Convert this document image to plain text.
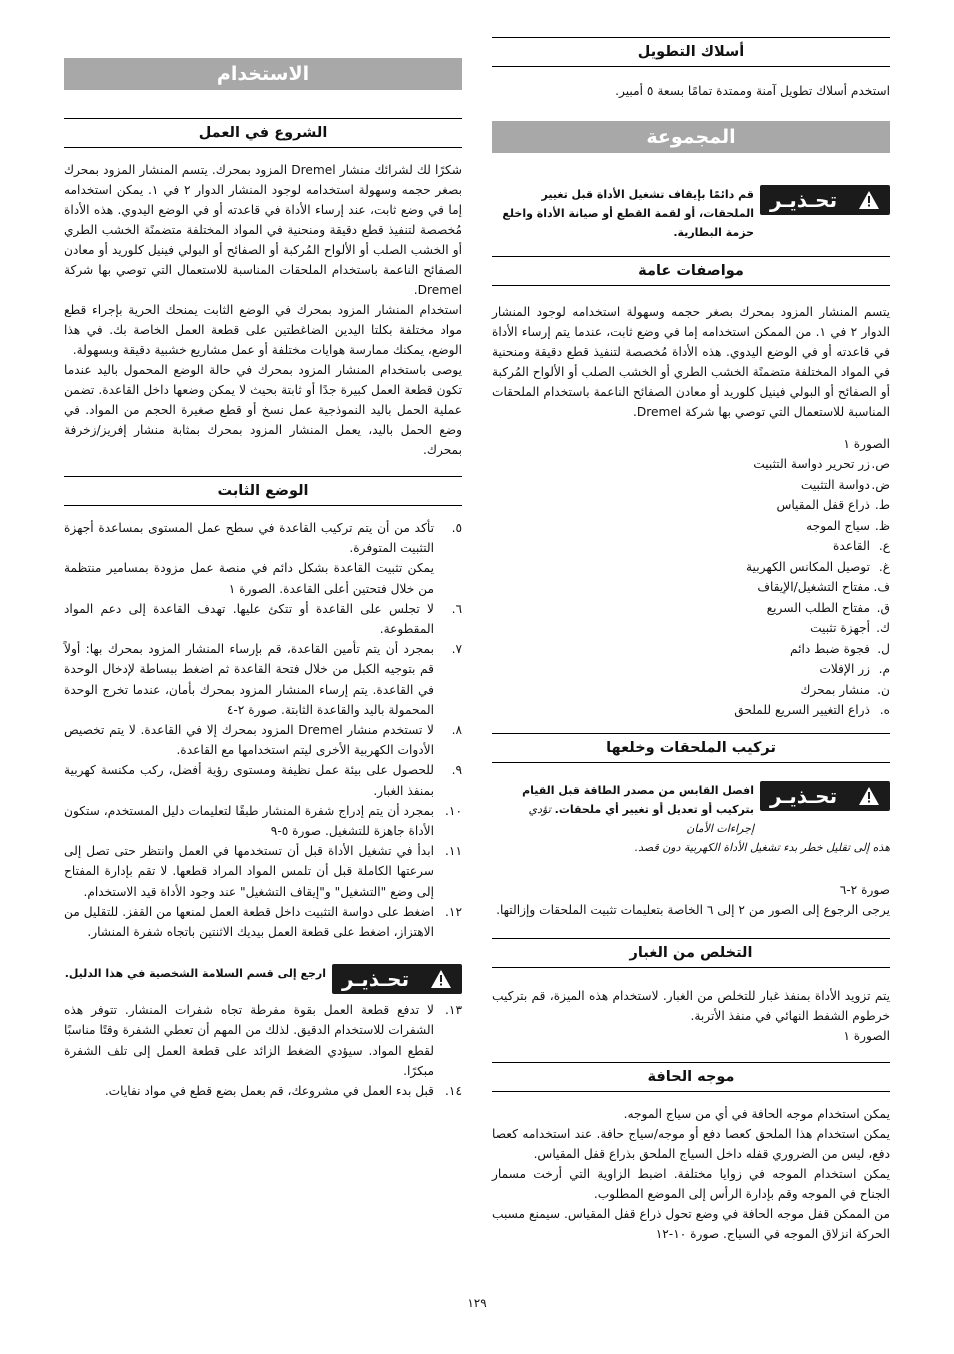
أسلاك التطويل

استخدم أسلاك تطويل آمنة وممتدة تمامًا بسعة ٥ أمبير.

المجموعة
تحـذيـر
قم دائمًا بإيقاف تشغيل الأداة قبل تغيير الملحقات، أو لقمة القطع أو صيانة الأداة واخلع حزمة البطارية.
مواصفات عامة

يتسم المنشار المزود بمحرك بصغر حجمه وسهولة استخدامه لوجود المنشار الدوار ٢ في ١. من الممكن استخدامه إما في وضع ثابت، عندما يتم إرساء الأداة في قاعدته أو في الوضع اليدوي. هذه الأداة مُخصصة لتنفيذ قطع دقيقة ومنحنية في المواد المختلفة متضمنًة الخشب الطري أو الخشب الصلب أو الألواح المُركبة أو الصفائح أو البولي فينيل كلوريد أو معادن الصفائح الناعمة باستخدام الملحقات المناسبة للاستعمال التي توصي بها شركة Dremel.

الصورة ١

ص.
زر تحرير دواسة التثبيت
ض.
دواسة التثبيت
ط.
ذراع قفل المقياس
ظ.
سياج الموجه
ع.
القاعدة
غ.
توصيل المكانس الكهربية
ف.
مفتاح التشغيل/الإيقاف
ق.
مفتاح الطلب السريع
ك.
أجهزة تثبيت
ل.
فجوة ضبط دائم
م.
زر الإفلات
ن.
منشار بمحرك
ه.
ذراع التغيير السريع للملحق
تركيب الملحقات وخلعها
تحـذيـر
افصل القابس من مصدر الطاقة قبل القيام بتركيب أو تعديل أو تغيير أي ملحقات. تؤدي إجراءات الأمان

هذه إلى تقليل خطر بدء تشغيل الأداة الكهربية دون قصد.

صورة ٢-٦

يرجى الرجوع إلى الصور من ٢ إلى ٦ الخاصة بتعليمات تثبيت الملحقات وإزالتها.

التخلص من الغبار

يتم تزويد الأداة بمنفذ غبار للتخلص من الغبار. لاستخدام هذه الميزة، قم بتركيب خرطوم الشفط النهائي في منفذ الأتربة.

الصورة ١

موجه الحافة

يمكن استخدام موجه الحافة في أي من سياج الموجه.

يمكن استخدام هذا الملحق كعصا دفع أو موجه/سياج حافة. عند استخدامه كعصا دفع، ليس من الضروري قفله داخل السياج الملحق بذراع قفل المقياس.

يمكن استخدام الموجه في زوايا مختلفة. اضبط الزاوية التي أرخت مسمار الجناح في الموجه وقم بإدارة الرأس إلى الموضع المطلوب.

من الممكن قفل موجه الحافة في وضع تحول ذراع قفل المقياس. سيمنع مسبب الحركة انزلاق الموجه في السياج. صورة ١٠-١٢

الاستخدام
الشروع في العمل

شكرًا لك لشرائك منشار Dremel المزود بمحرك. يتسم المنشار المزود بمحرك بصغر حجمه وسهولة استخدامه لوجود المنشار الدوار ٢ في ١. يمكن استخدامه إما في وضع ثابت، عند إرساء الأداة في قاعدته أو في الوضع اليدوي. هذه الأداة مُخصصة لتنفيذ قطع دقيقة ومنحنية في المواد المختلفة متضمنًة الخشب الطري أو الخشب الصلب أو الألواح المُركبة أو الصفائح أو البولي فينيل كلوريد أو معادن الصفائح الناعمة باستخدام الملحقات المناسبة للاستعمال التي توصي بها شركة Dremel.

استخدام المنشار المزود بمحرك في الوضع الثابت يمنحك الحرية بإجراء قطع مواد مختلفة بكلتا اليدين الضاغطتين على قطعة العمل الخاصة بك. في هذا الوضع، يمكنك ممارسة هوايات مختلفة أو عمل مشاريع خشبية دقيقة وبسهولة.

يوصى باستخدام المنشار المزود بمحرك في حالة الوضع المحمول باليد عندما تكون قطعة العمل كبيرة جدًا أو ثابتة بحيث لا يمكن وضعها داخل القاعدة. تضمن عملية الحمل باليد النموذجية عمل نسخ أو قطع صغيرة الحجم من المواد. في وضع الحمل باليد، يعمل المنشار المزود بمحرك بمثابة منشار إفريز/زخرفة بمحرك.

الوضع الثابت
٥.
تأكد من أن يتم تركيب القاعدة في سطح عمل المستوى بمساعدة أجهزة التثبيت المتوفرة.
يمكن تثبيت القاعدة بشكل دائم في منصة عمل مزودة بمسامير منتظمة من خلال فتحتين أعلى القاعدة. الصورة ١
٦.
لا تجلس على القاعدة أو تتكئ عليها. تهدف القاعدة إلى دعم المواد المقطوعة.
٧.
بمجرد أن يتم تأمين القاعدة، قم بإرساء المنشار المزود بمحرك بها: أولاً قم بتوجيه الكبل من خلال فتحة القاعدة ثم اضغط ببساطة لإدخال الوحدة في القاعدة. يتم إرساء المنشار المزود بمحرك بأمان، عندما تخرج الوحدة المحمولة باليد والقاعدة الثابتة. صورة ٢-٤
٨.
لا تستخدم منشار Dremel المزود بمحرك إلا في القاعدة. لا يتم تخصيص الأدوات الكهربية الأخرى ليتم استخدامها مع القاعدة.
٩.
للحصول على بيئة عمل نظيفة ومستوى رؤية أفضل، ركب مكنسة كهربية بمنفذ الغبار.
١٠.
بمجرد أن يتم إدراج شفرة المنشار طبقًا لتعليمات دليل المستخدم، ستكون الأداة جاهزة للتشغيل. صورة ٥-٩
١١.
ابدأ في تشغيل الأداة قبل أن تستخدمها في العمل وانتظر حتى تصل إلى سرعتها الكاملة قبل أن تلمس المواد المراد قطعها. لا تقم بإدارة المفتاح إلى وضع "التشغيل" و"إيقاف التشغيل" عند وجود الأداة قيد الاستخدام.
١٢.
اضغط على دواسة التثبيت داخل قطعة العمل لمنعها من القفز. للتقليل من الاهتزاز، اضغط على قطعة العمل بيديك الاثنتين باتجاه شفرة المنشار.
تحـذيـر
ارجع إلى قسم السلامة الشخصية في هذا الدليل.
١٣.
لا تدفع قطعة العمل بقوة مفرطة تجاه شفرات المنشار. تتوفر هذه الشفرات للاستخدام الدقيق. لذلك من المهم أن تعطي الشفرة وقتًا مناسبًا لقطع المواد. سيؤدي الضغط الزائد على قطعة العمل إلى تلف الشفرة مبكرًا.
١٤.
قبل بدء العمل في مشروعك، قم بعمل بضع قطع في مواد نفايات.
١٢٩
